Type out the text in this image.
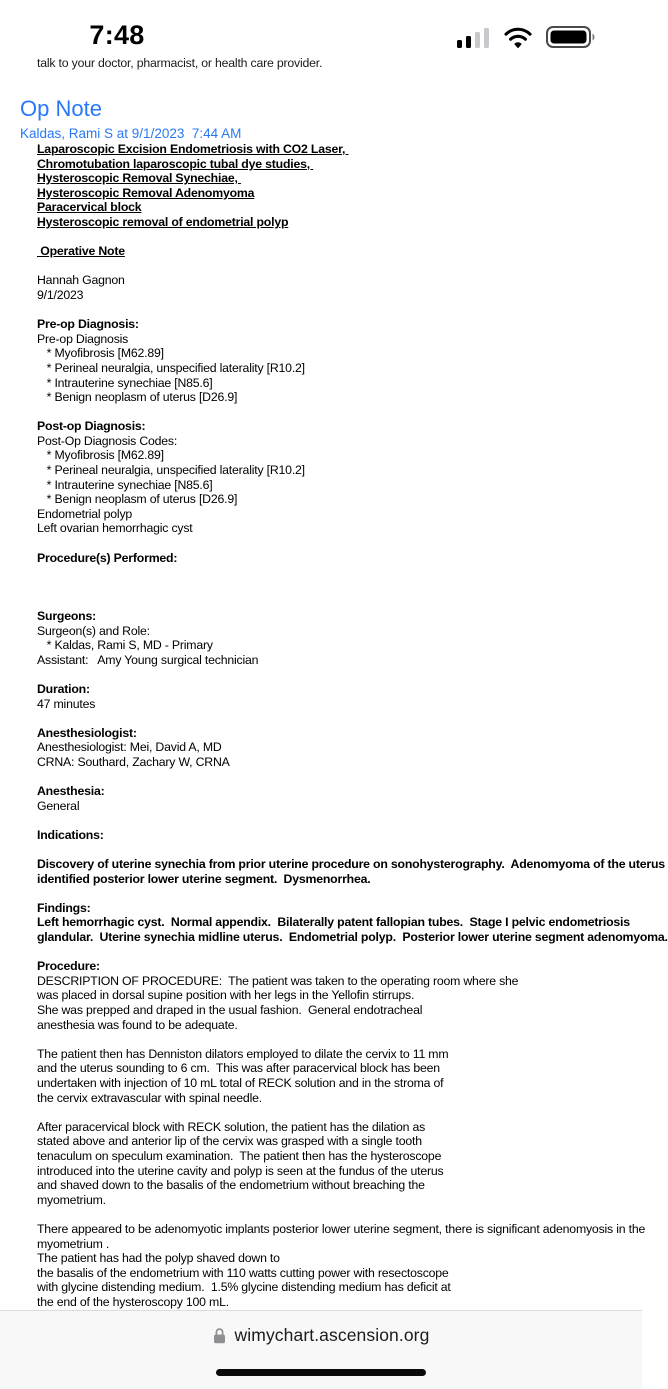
7:48
talk to your doctor, pharmacist, or health care provider.
Op Note
Kaldas, Rami S at 9/1/2023  7:44 AM
Laparoscopic Excision Endometriosis with CO2 Laser,
Chromotubation laparoscopic tubal dye studies,
Hysteroscopic Removal Synechiae,
Hysteroscopic Removal Adenomyoma
Paracervical block
Hysteroscopic removal of endometrial polyp

Operative Note

Hannah Gagnon
9/1/2023

Pre-op Diagnosis:
Pre-op Diagnosis
* Myofibrosis [M62.89]
* Perineal neuralgia, unspecified laterality [R10.2]
* Intrauterine synechiae [N85.6]
* Benign neoplasm of uterus [D26.9]

Post-op Diagnosis:
Post-Op Diagnosis Codes:
* Myofibrosis [M62.89]
* Perineal neuralgia, unspecified laterality [R10.2]
* Intrauterine synechiae [N85.6]
* Benign neoplasm of uterus [D26.9]
Endometrial polyp
Left ovarian hemorrhagic cyst

Procedure(s) Performed:

Surgeons:
Surgeon(s) and Role:
* Kaldas, Rami S, MD - Primary
Assistant:   Amy Young surgical technician

Duration:
47 minutes

Anesthesiologist:
Anesthesiologist: Mei, David A, MD
CRNA: Southard, Zachary W, CRNA

Anesthesia:
General

Indications:

Discovery of uterine synechia from prior uterine procedure on sonohysterography.  Adenomyoma of the uterus
identified posterior lower uterine segment.  Dysmenorrhea.

Findings:
Left hemorrhagic cyst.  Normal appendix.  Bilaterally patent fallopian tubes.  Stage I pelvic endometriosis
glandular.  Uterine synechia midline uterus.  Endometrial polyp.  Posterior lower uterine segment adenomyoma.

Procedure:
DESCRIPTION OF PROCEDURE:  The patient was taken to the operating room where she
was placed in dorsal supine position with her legs in the Yellofin stirrups.
She was prepped and draped in the usual fashion.  General endotracheal
anesthesia was found to be adequate.

The patient then has Denniston dilators employed to dilate the cervix to 11 mm
and the uterus sounding to 6 cm.  This was after paracervical block has been
undertaken with injection of 10 mL total of RECK solution and in the stroma of
the cervix extravascular with spinal needle.

After paracervical block with RECK solution, the patient has the dilation as
stated above and anterior lip of the cervix was grasped with a single tooth
tenaculum on speculum examination.  The patient then has the hysteroscope
introduced into the uterine cavity and polyp is seen at the fundus of the uterus
and shaved down to the basalis of the endometrium without breaching the
myometrium.

There appeared to be adenomyotic implants posterior lower uterine segment, there is significant adenomyosis in the
myometrium .
The patient has had the polyp shaved down to
the basalis of the endometrium with 110 watts cutting power with resectoscope
with glycine distending medium.  1.5% glycine distending medium has deficit at
the end of the hysteroscopy 100 mL.
wimychart.ascension.org
